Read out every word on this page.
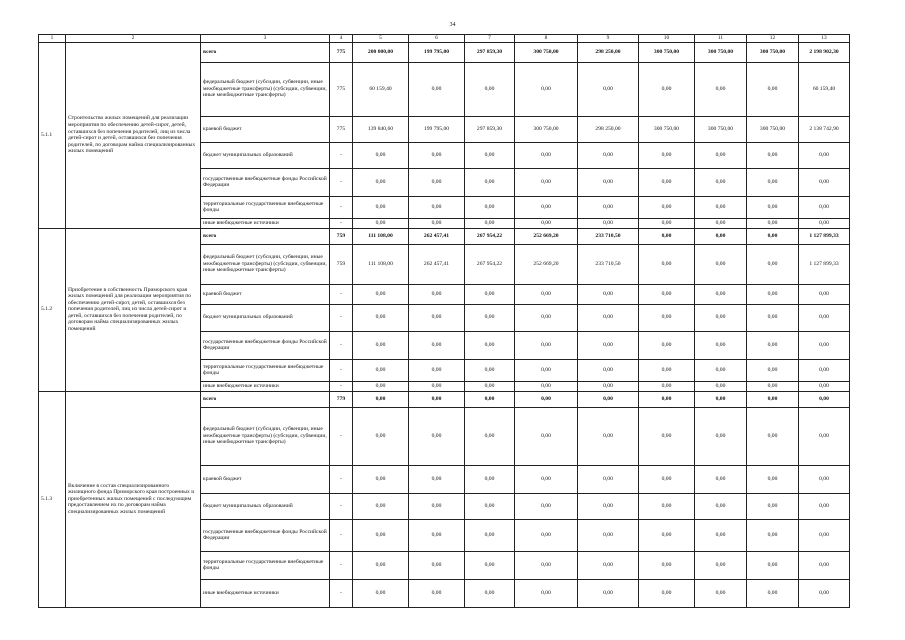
34
1	2	3	4	5	6	7	8	9	10	11	12	13
5.1.1	Строительство жилых помещений для реализации мероприятия по обеспечению детей-сирот, детей, оставшихся без попечения родителей, лиц из числа детей-сирот и детей, оставшихся без попечения родителей, по договорам найма специализированных жилых помещений	всего	775	200 000,00	199 795,00	297 859,30	300 750,00	298 250,00	300 750,00	300 750,00	300 750,00	2 198 902,30
		федеральный бюджет (субсидии, субвенции, иные межбюджетные трансферты) (субсидии, субвенции, иные межбюджетные трансферты)	775	60 159,40	0,00	0,00	0,00	0,00	0,00	0,00	0,00	60 159,40
		краевой бюджет	775	139 840,60	199 795,00	297 859,30	300 750,00	298 250,00	300 750,00	300 750,00	300 750,00	2 138 742,90
		бюджет муниципальных образований	-	0,00	0,00	0,00	0,00	0,00	0,00	0,00	0,00	0,00
		государственные внебюджетные фонды Российской Федерации	-	0,00	0,00	0,00	0,00	0,00	0,00	0,00	0,00	0,00
		территориальные государственные внебюджетные фонды	-	0,00	0,00	0,00	0,00	0,00	0,00	0,00	0,00	0,00
		иные внебюджетные источники	-	0,00	0,00	0,00	0,00	0,00	0,00	0,00	0,00	0,00
5.1.2	Приобретение в собственность Приморского края жилых помещений для реализации мероприятия по обеспечению детей-сирот, детей, оставшихся без попечения родителей, лиц из числа детей-сирот и детей, оставшихся без попечения родителей, по договорам найма специализированных жилых помещений	всего	759	111 108,00	262 457,41	267 954,22	252 669,20	233 710,50	0,00	0,00	0,00	1 127 899,33
		федеральный бюджет (субсидии, субвенции, иные межбюджетные трансферты) (субсидии, субвенции, иные межбюджетные трансферты)	759	111 108,00	262 457,41	267 954,22	252 669,20	233 710,50	0,00	0,00	0,00	1 127 899,33
		краевой бюджет	-	0,00	0,00	0,00	0,00	0,00	0,00	0,00	0,00	0,00
		бюджет муниципальных образований	-	0,00	0,00	0,00	0,00	0,00	0,00	0,00	0,00	0,00
		государственные внебюджетные фонды Российской Федерации	-	0,00	0,00	0,00	0,00	0,00	0,00	0,00	0,00	0,00
		территориальные государственные внебюджетные фонды	-	0,00	0,00	0,00	0,00	0,00	0,00	0,00	0,00	0,00
		иные внебюджетные источники	-	0,00	0,00	0,00	0,00	0,00	0,00	0,00	0,00	0,00
5.1.3	Включение в состав специализированного жилищного фонда Приморского края построенных и приобретенных жилых помещений с последующим предоставлением их по договорам найма специализированных жилых помещений	всего	779	0,00	0,00	0,00	0,00	0,00	0,00	0,00	0,00	0,00
		федеральный бюджет (субсидии, субвенции, иные межбюджетные трансферты) (субсидии, субвенции, иные межбюджетные трансферты)	-	0,00	0,00	0,00	0,00	0,00	0,00	0,00	0,00	0,00
		краевой бюджет	-	0,00	0,00	0,00	0,00	0,00	0,00	0,00	0,00	0,00
		бюджет муниципальных образований	-	0,00	0,00	0,00	0,00	0,00	0,00	0,00	0,00	0,00
		государственные внебюджетные фонды Российской Федерации	-	0,00	0,00	0,00	0,00	0,00	0,00	0,00	0,00	0,00
		территориальные государственные внебюджетные фонды	-	0,00	0,00	0,00	0,00	0,00	0,00	0,00	0,00	0,00
		иные внебюджетные источники	-	0,00	0,00	0,00	0,00	0,00	0,00	0,00	0,00	0,00
